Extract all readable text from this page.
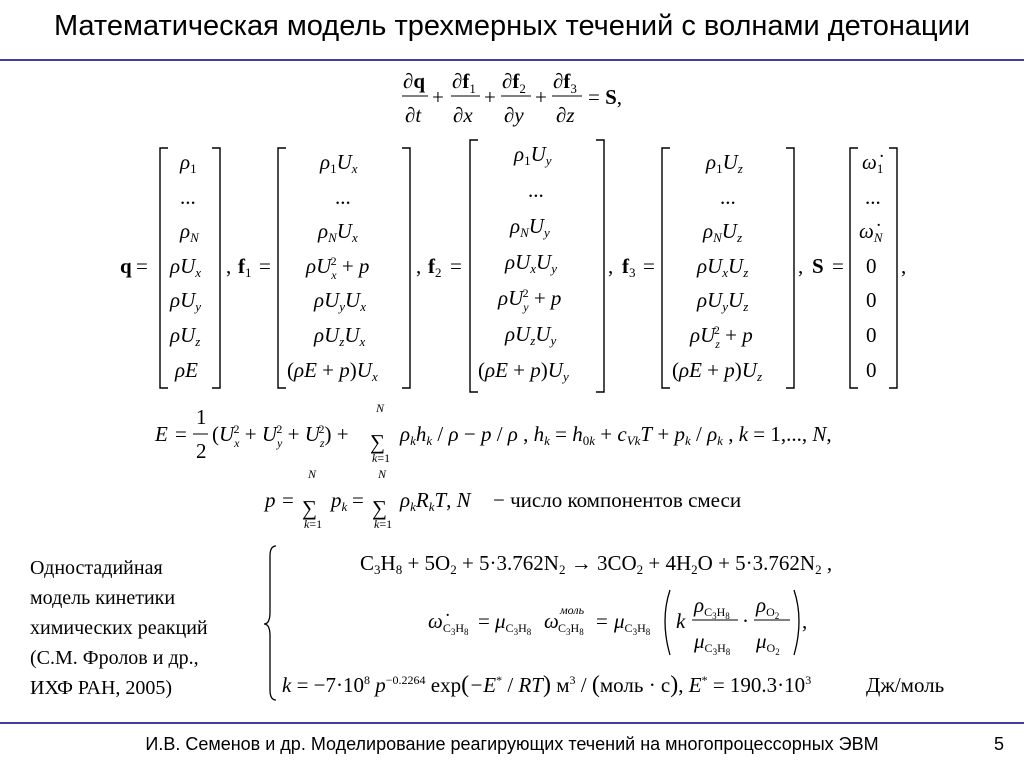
Математическая модель трехмерных течений с волнами детонации
∂q
∂t
+
$\partial f_1$
∂x
+
$\partial f_2$
∂y
+
$\partial f_3$
∂z
= S,
q =
ρ1
...
ρN
ρUx
ρUy
ρUz
ρE
, f1 =
ρ1Ux
...
ρNUx
$\rho U_x2 + p$
ρUyUx
ρUzUx
(ρE + p)Ux
, f2 =
ρ1Uy
...
ρNUy
ρUxUy
$\rho U_y2 + p$
ρUzUy
(ρE + p)Uy
, f3 =
ρ1Uz
...
ρNUz
ρUxUz
ρUyUz
$\rho U_z2 + p$
(ρE + p)Uz
, S =
ω̇1
...
ω̇N
0
0
0
0
,
E =
1
2
$(U_x2 + U_y2 + U_z2)$ +
N
∑
k=1
ρkhk / ρ − p / ρ , hk = h0k + cVkT + pk / ρk , k = 1,..., N,
p =
N
∑
k=1
pk =
N
∑
k=1
ρkRkT, N − число компонентов смеси
C3H8 + 5O2 + 5·3.762N2 → 3CO2 + 4H2O + 5·3.762N2 ,
$\omegȧC_3H_8 = \mu C_3H_8$ ω моль
$C_3H_8 = \mu C_3H_8$ k
$\rho C_3H_8$
$\mu C_3H_8$
·
$\rho O_2$
$\mu O_2$
,
$k = -7\cdot 10^8$ $p^{-0.2264}$ exp(−E* / RT) $м^3$ / (моль · с), $E^* = 190.3\cdot 10^3$	Дж/моль
Одностадийная
модель кинетики
химических реакций
(С.М. Фролов и др.,
ИХФ РАН, 2005)
И.В. Семенов и др. Моделирование реагирующих течений на многопроцессорных ЭВМ	5
